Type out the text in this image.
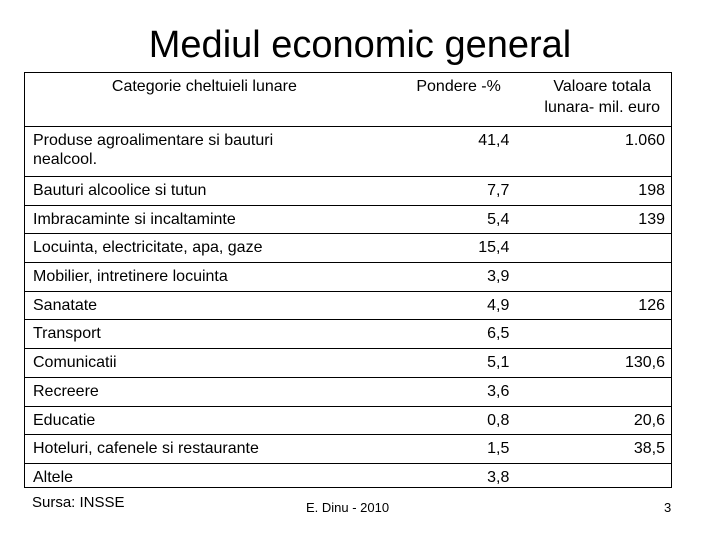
Mediul economic general
Categorie cheltuieli lunare	Pondere -%	Valoare totala
lunara- mil. euro
Produse agroalimentare si bauturi
nealcool.	41,4	1.060
Bauturi alcoolice si tutun	7,7	198
Imbracaminte si incaltaminte	5,4	139
Locuinta, electricitate, apa, gaze	15,4	
Mobilier, intretinere locuinta	3,9	
Sanatate	4,9	126
Transport	6,5	
Comunicatii	5,1	130,6
Recreere	3,6	
Educatie	0,8	20,6
Hoteluri, cafenele si restaurante	1,5	38,5
Altele	3,8	
Sursa: INSSE	E. Dinu - 2010	3
